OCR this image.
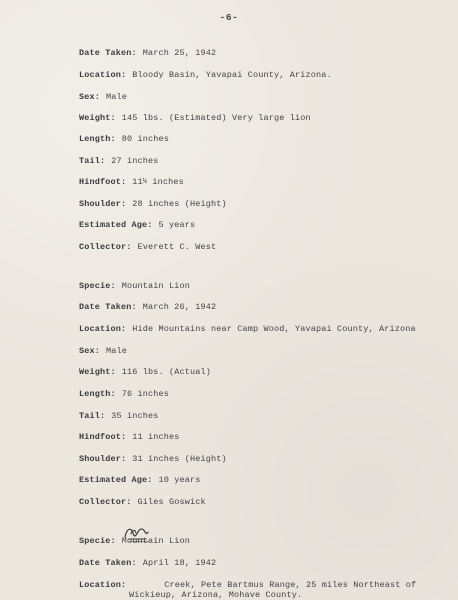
-6-
Date Taken: March 25, 1942
Location: Bloody Basin, Yavapai County, Arizona.
Sex: Male
Weight: 145 lbs. (Estimated) Very large lion
Length: 80 inches
Tail: 27 inches
Hindfoot: 11½ inches
Shoulder: 28 inches (Height)
Estimated Age: 5 years
Collector: Everett C. West
Specie: Mountain Lion
Date Taken: March 26, 1942
Location: Hide Mountains near Camp Wood, Yavapai County, Arizona
Sex: Male
Weight: 116 lbs. (Actual)
Length: 76 inches
Tail: 35 inches
Hindfoot: 11 inches
Shoulder: 31 inches (Height)
Estimated Age: 10 years
Collector: Giles Goswick
Specie: Mountain Lion
Date Taken: April 18, 1942
Location:	Creek, Pete Bartmus Range, 25 miles Northeast of
Wickieup, Arizona, Mohave County.
